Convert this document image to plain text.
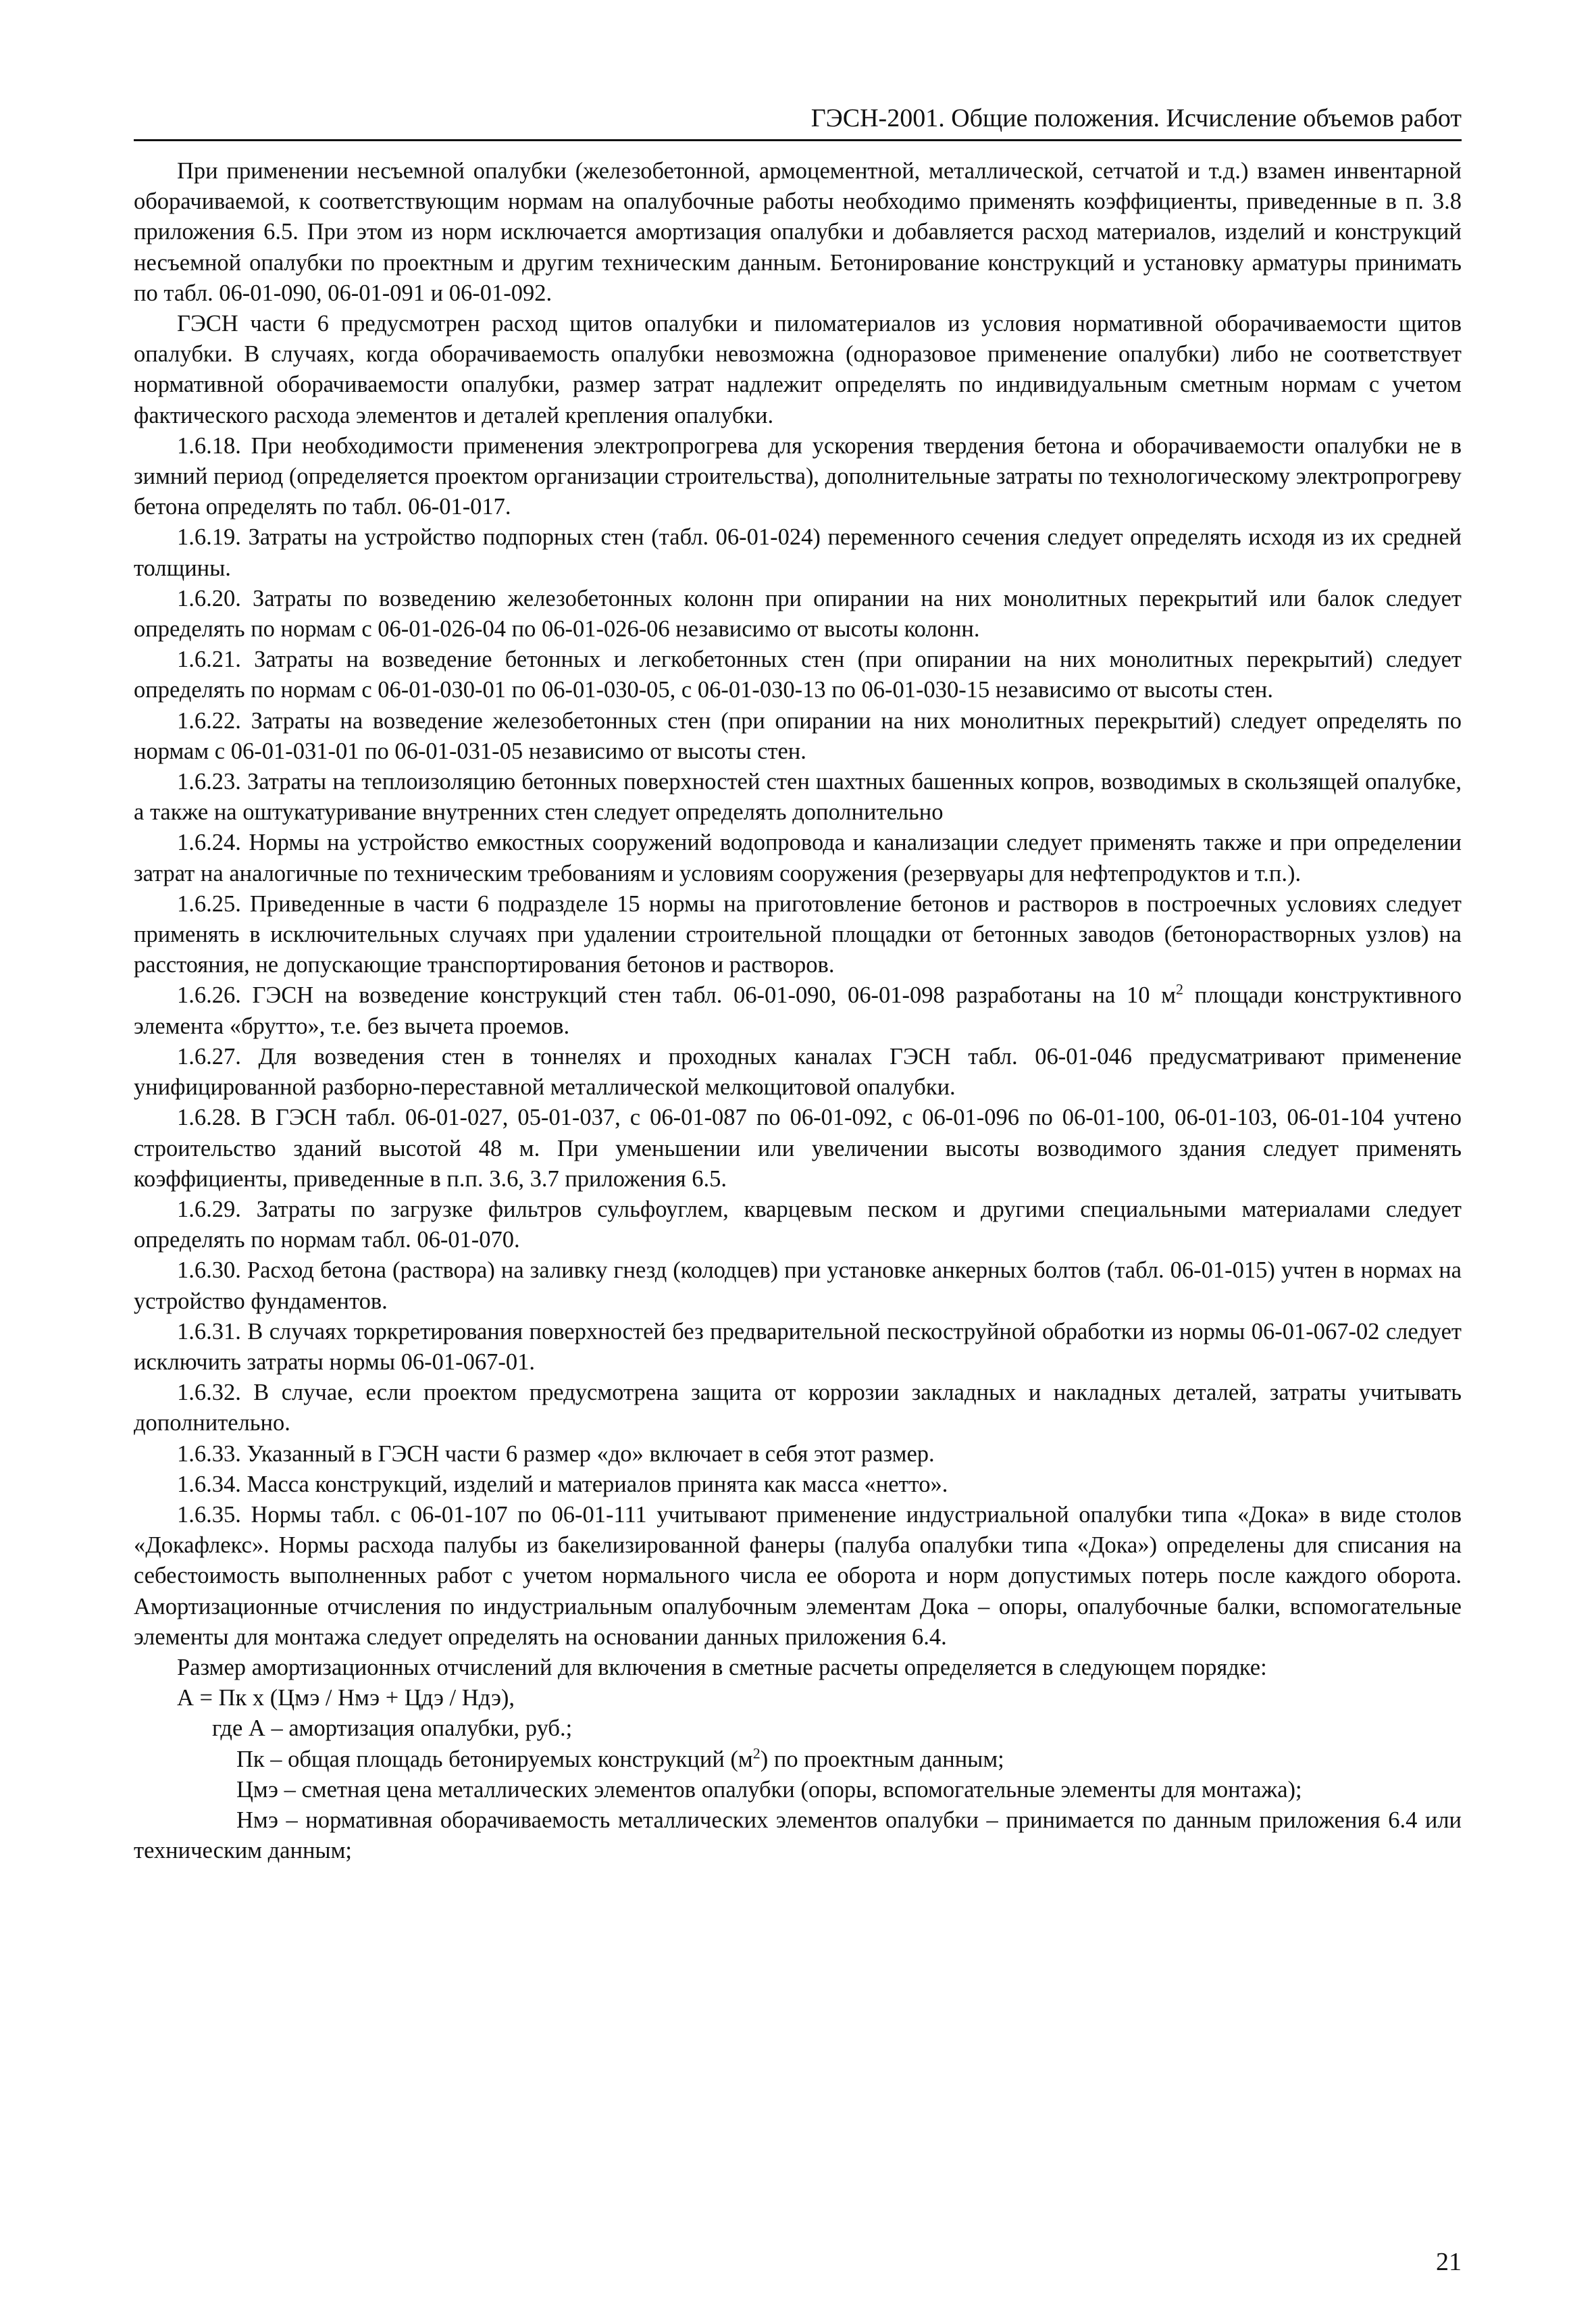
ГЭСН-2001. Общие положения. Исчисление объемов работ

При применении несъемной опалубки (железобетонной, армоцементной, металлической, сетчатой и т.д.) взамен инвентарной оборачиваемой, к соответствующим нормам на опалубочные работы необходимо применять коэффициенты, приведенные в п. 3.8 приложения 6.5. При этом из норм исключается амортизация опалубки и добавляется расход материалов, изделий и конструкций несъемной опалубки по проектным и другим техническим данным. Бетонирование конструкций и установку арматуры принимать по табл. 06-01-090, 06-01-091 и 06-01-092.

ГЭСН части 6 предусмотрен расход щитов опалубки и пиломатериалов из условия нормативной оборачиваемости щитов опалубки. В случаях, когда оборачиваемость опалубки невозможна (одноразовое применение опалубки) либо не соответствует нормативной оборачиваемости опалубки, размер затрат надлежит определять по индивидуальным сметным нормам с учетом фактического расхода элементов и деталей крепления опалубки.

1.6.18. При необходимости применения электропрогрева для ускорения твердения бетона и оборачиваемости опалубки не в зимний период (определяется проектом организации строительства), дополнительные затраты по технологическому электропрогреву бетона определять по табл. 06-01-017.

1.6.19. Затраты на устройство подпорных стен (табл. 06-01-024) переменного сечения следует определять исходя из их средней толщины.

1.6.20. Затраты по возведению железобетонных колонн при опирании на них монолитных перекрытий или балок следует определять по нормам с 06-01-026-04 по 06-01-026-06 независимо от высоты колонн.

1.6.21. Затраты на возведение бетонных и легкобетонных стен (при опирании на них монолитных перекрытий) следует определять по нормам с 06-01-030-01 по 06-01-030-05, с 06-01-030-13 по 06-01-030-15 независимо от высоты стен.

1.6.22. Затраты на возведение железобетонных стен (при опирании на них монолитных перекрытий) следует определять по нормам с 06-01-031-01 по 06-01-031-05 независимо от высоты стен.

1.6.23. Затраты на теплоизоляцию бетонных поверхностей стен шахтных башенных копров, возводимых в скользящей опалубке, а также на оштукатуривание внутренних стен следует определять дополнительно

1.6.24. Нормы на устройство емкостных сооружений водопровода и канализации следует применять также и при определении затрат на аналогичные по техническим требованиям и условиям сооружения (резервуары для нефтепродуктов и т.п.).

1.6.25. Приведенные в части 6 подразделе 15 нормы на приготовление бетонов и растворов в построечных условиях следует применять в исключительных случаях при удалении строительной площадки от бетонных заводов (бетонорастворных узлов) на расстояния, не допускающие транспортирования бетонов и растворов.

1.6.26. ГЭСН на возведение конструкций стен табл. 06-01-090, 06-01-098 разработаны на 10 $м^2$ площади конструктивного элемента «брутто», т.е. без вычета проемов.

1.6.27. Для возведения стен в тоннелях и проходных каналах ГЭСН табл. 06-01-046 предусматривают применение унифицированной разборно-переставной металлической мелкощитовой опалубки.

1.6.28. В ГЭСН табл. 06-01-027, 05-01-037, с 06-01-087 по 06-01-092, с 06-01-096 по 06-01-100, 06-01-103, 06-01-104 учтено строительство зданий высотой 48 м. При уменьшении или увеличении высоты возводимого здания следует применять коэффициенты, приведенные в п.п. 3.6, 3.7 приложения 6.5.

1.6.29. Затраты по загрузке фильтров сульфоуглем, кварцевым песком и другими специальными материалами следует определять по нормам табл. 06-01-070.

1.6.30. Расход бетона (раствора) на заливку гнезд (колодцев) при установке анкерных болтов (табл. 06-01-015) учтен в нормах на устройство фундаментов.

1.6.31. В случаях торкретирования поверхностей без предварительной пескоструйной обработки из нормы 06-01-067-02 следует исключить затраты нормы 06-01-067-01.

1.6.32. В случае, если проектом предусмотрена защита от коррозии закладных и накладных деталей, затраты учитывать дополнительно.

1.6.33. Указанный в ГЭСН части 6 размер «до» включает в себя этот размер.

1.6.34. Масса конструкций, изделий и материалов принята как масса «нетто».

1.6.35. Нормы табл. с 06-01-107 по 06-01-111 учитывают применение индустриальной опалубки типа «Дока» в виде столов «Докафлекс». Нормы расхода палубы из бакелизированной фанеры (палуба опалубки типа «Дока») определены для списания на себестоимость выполненных работ с учетом нормального числа ее оборота и норм допустимых потерь после каждого оборота. Амортизационные отчисления по индустриальным опалубочным элементам Дока – опоры, опалубочные балки, вспомогательные элементы для монтажа следует определять на основании данных приложения 6.4.

Размер амортизационных отчислений для включения в сметные расчеты определяется в следующем порядке:

А = Пк х (Цмэ / Нмэ + Цдэ / Ндэ),

где А – амортизация опалубки, руб.;

Пк – общая площадь бетонируемых конструкций $(м^2)$ по проектным данным;

Цмэ – сметная цена металлических элементов опалубки (опоры, вспомогательные элементы для монтажа);

Нмэ – нормативная оборачиваемость металлических элементов опалубки – принимается по данным приложения 6.4 или техническим данным;

21
